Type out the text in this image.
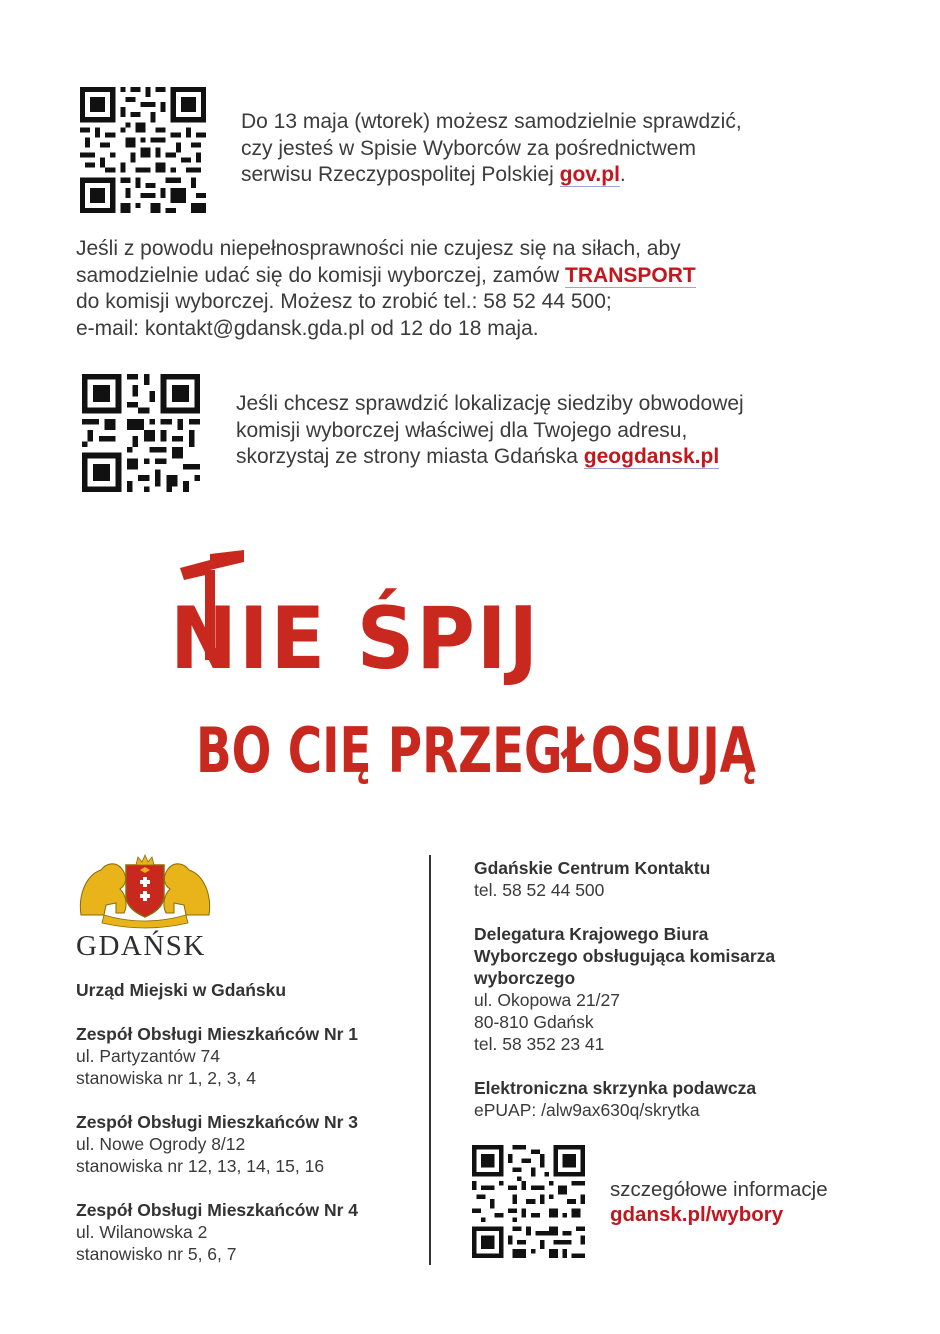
Do 13 maja (wtorek) możesz samodzielnie sprawdzić,
czy jesteś w Spisie Wyborców za pośrednictwem
serwisu Rzeczypospolitej Polskiej gov.pl.
Jeśli z powodu niepełnosprawności nie czujesz się na siłach, aby
samodzielnie udać się do komisji wyborczej, zamów TRANSPORT
do komisji wyborczej. Możesz to zrobić tel.: 58 52 44 500;
e-mail: kontakt@gdansk.gda.pl od 12 do 18 maja.
Jeśli chcesz sprawdzić lokalizację siedziby obwodowej
komisji wyborczej właściwej dla Twojego adresu,
skorzystaj ze strony miasta Gdańska geogdansk.pl
NIE ŚPIJ
BO CIĘ PRZEGŁOSUJĄ
GDAŃSK
Urząd Miejski w Gdańsku
Zespół Obsługi Mieszkańców Nr 1
ul. Partyzantów 74
stanowiska nr 1, 2, 3, 4
Zespół Obsługi Mieszkańców Nr 3
ul. Nowe Ogrody 8/12
stanowiska nr 12, 13, 14, 15, 16
Zespół Obsługi Mieszkańców Nr 4
ul. Wilanowska 2
stanowisko nr 5, 6, 7
Gdańskie Centrum Kontaktu
tel. 58 52 44 500
Delegatura Krajowego Biura
Wyborczego obsługująca komisarza
wyborczego
ul. Okopowa 21/27
80-810 Gdańsk
tel. 58 352 23 41
Elektroniczna skrzynka podawcza
ePUAP: /alw9ax630q/skrytka
szczegółowe informacje
gdansk.pl/wybory
